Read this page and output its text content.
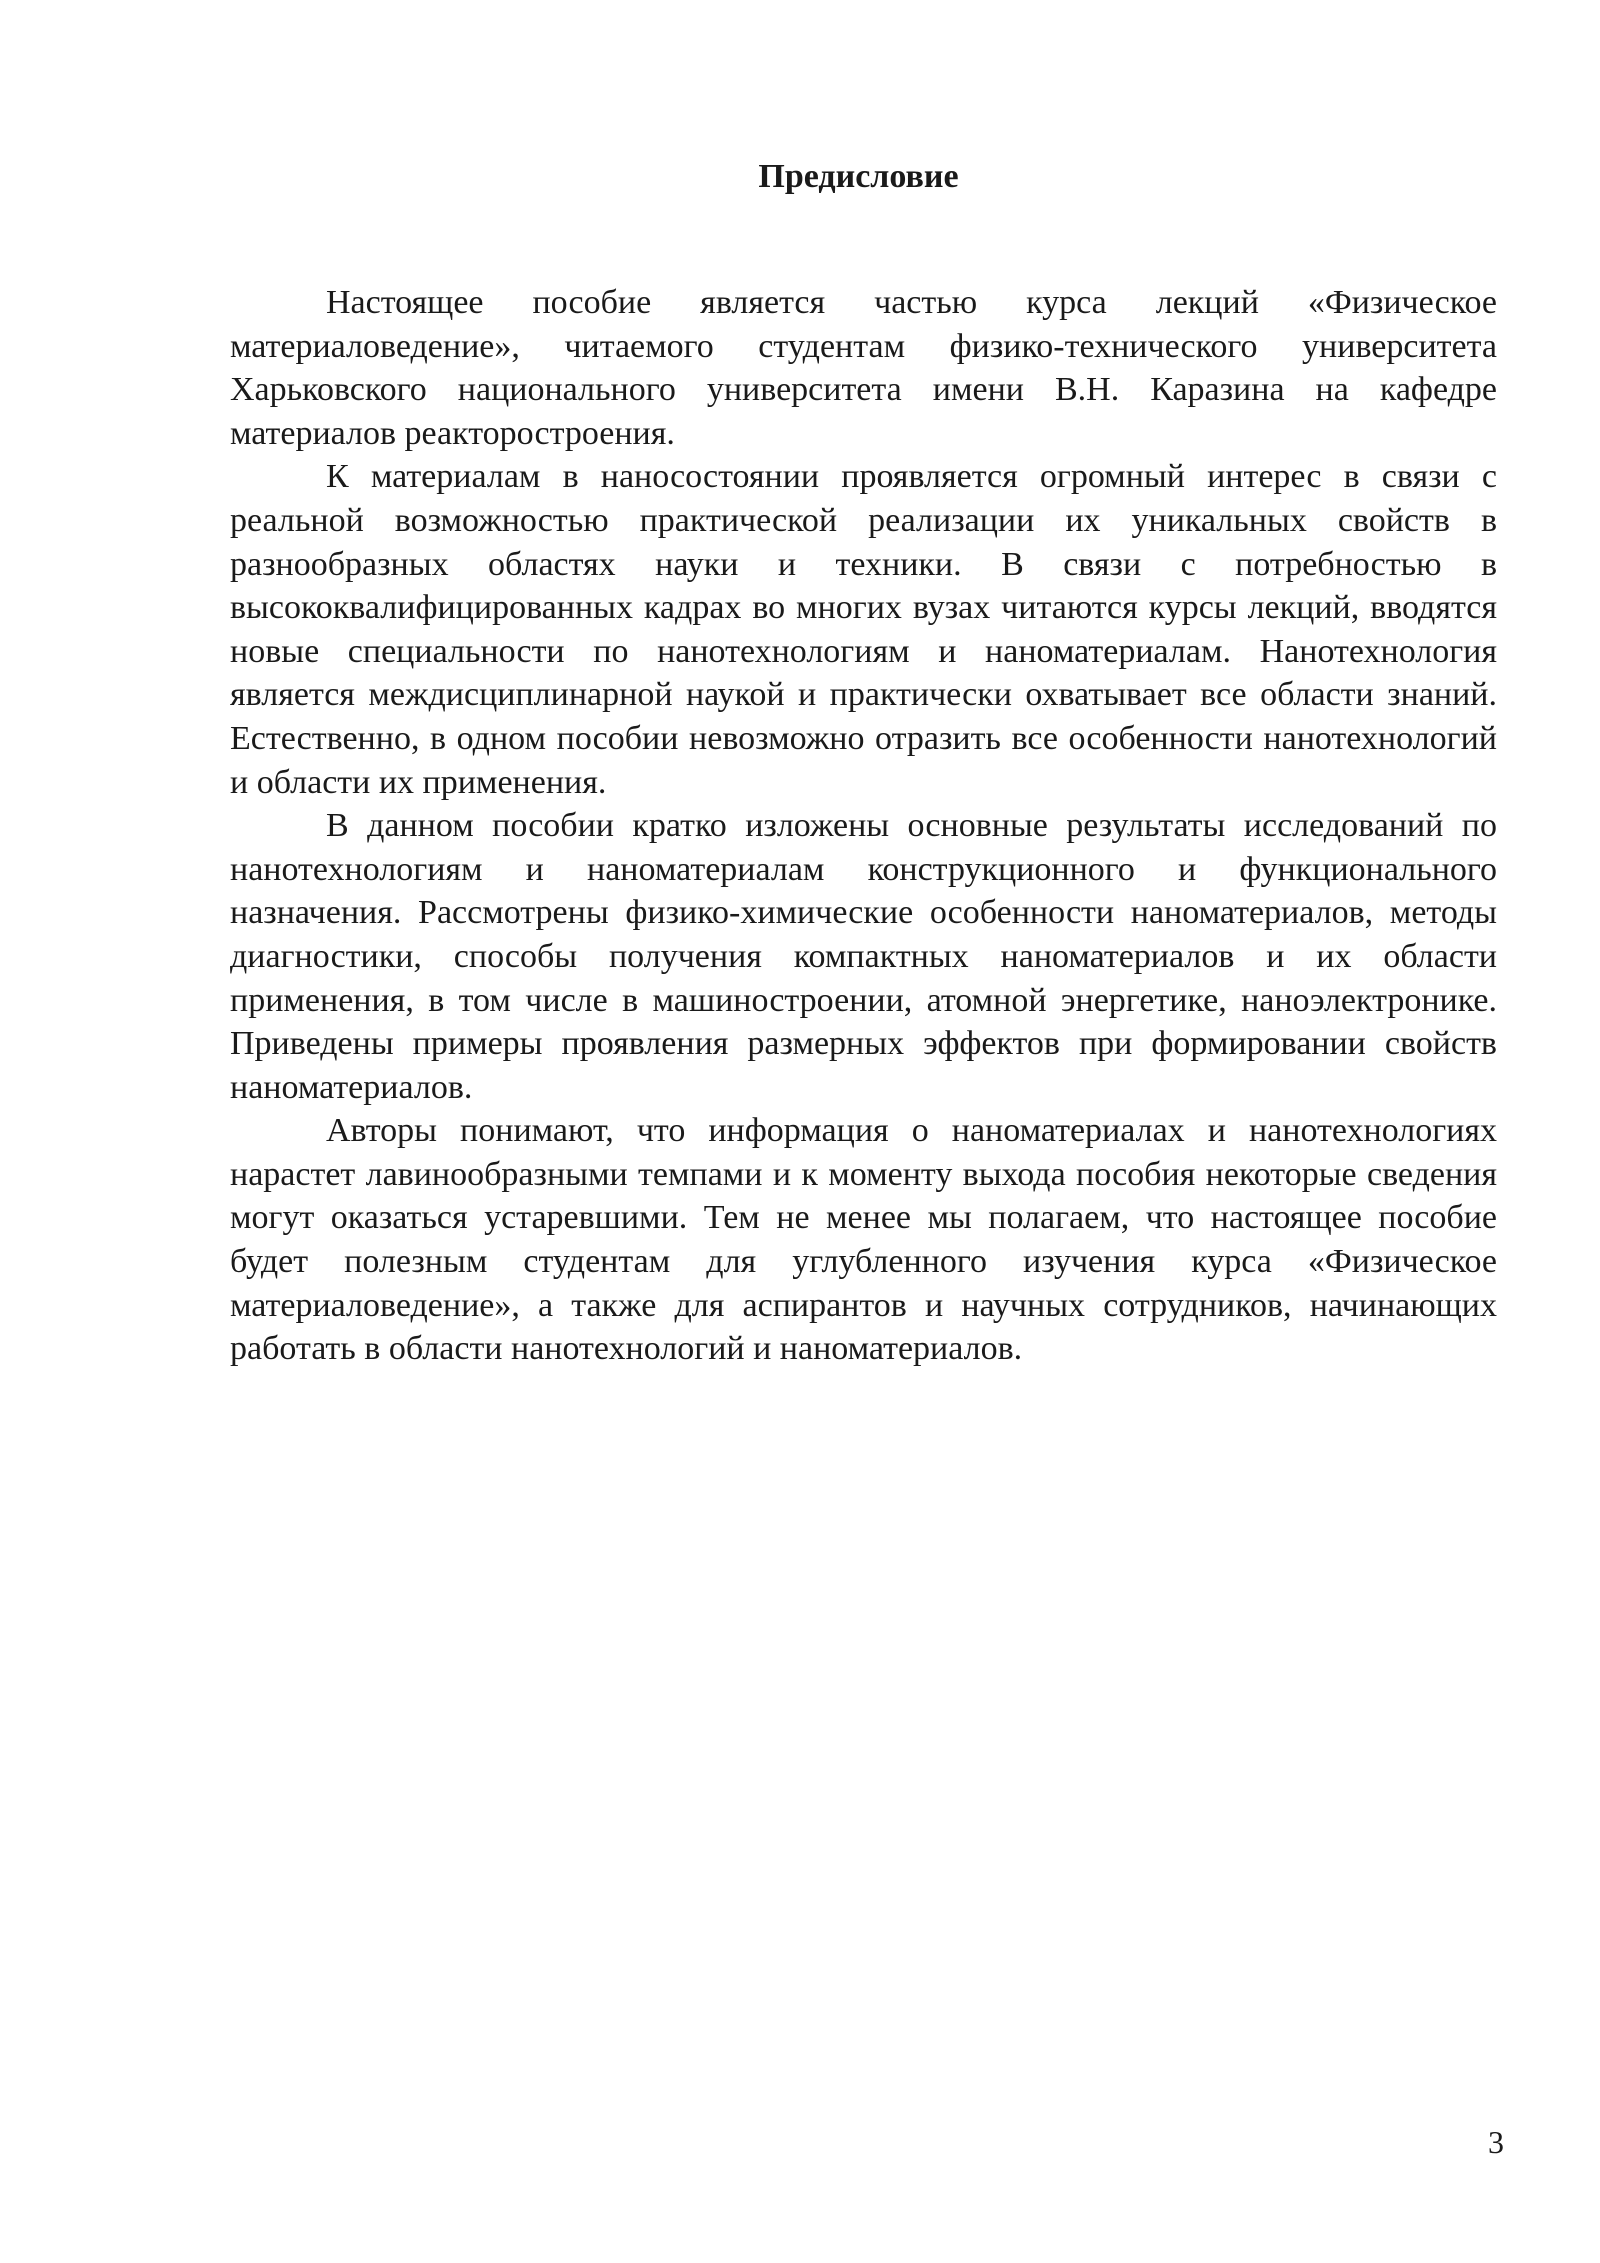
Предисловие

Настоящее пособие является частью курса лекций «Физическое материаловедение», читаемого студентам физико-технического университета Харьковского национального университета имени В.Н. Каразина на кафедре материалов реакторостроения.

К материалам в наносостоянии проявляется огромный интерес в связи с реальной возможностью практической реализации их уникальных свойств в разнообразных областях науки и техники. В связи с потребностью в высококвалифицированных кадрах во многих вузах читаются курсы лекций, вводятся новые специальности по нанотехнологиям и наноматериалам. Нанотехнология является междисциплинарной наукой и практически охватывает все области знаний. Естественно, в одном пособии невозможно отразить все особенности нанотехнологий и области их применения.

В данном пособии кратко изложены основные результаты исследований по нанотехнологиям и наноматериалам конструкционного и функционального назначения. Рассмотрены физико-химические особенности наноматериалов, методы диагностики, способы получения компактных наноматериалов и их области применения, в том числе в машиностроении, атомной энергетике, наноэлектронике. Приведены примеры проявления размерных эффектов при формировании свойств наноматериалов.

Авторы понимают, что информация о наноматериалах и нанотехнологиях нарастет лавинообразными темпами и к моменту выхода пособия некоторые сведения могут оказаться устаревшими. Тем не менее мы полагаем, что настоящее пособие будет полезным студентам для углубленного изучения курса «Физическое материаловедение», а также для аспирантов и научных сотрудников, начинающих работать в области нанотехнологий и наноматериалов.

3
